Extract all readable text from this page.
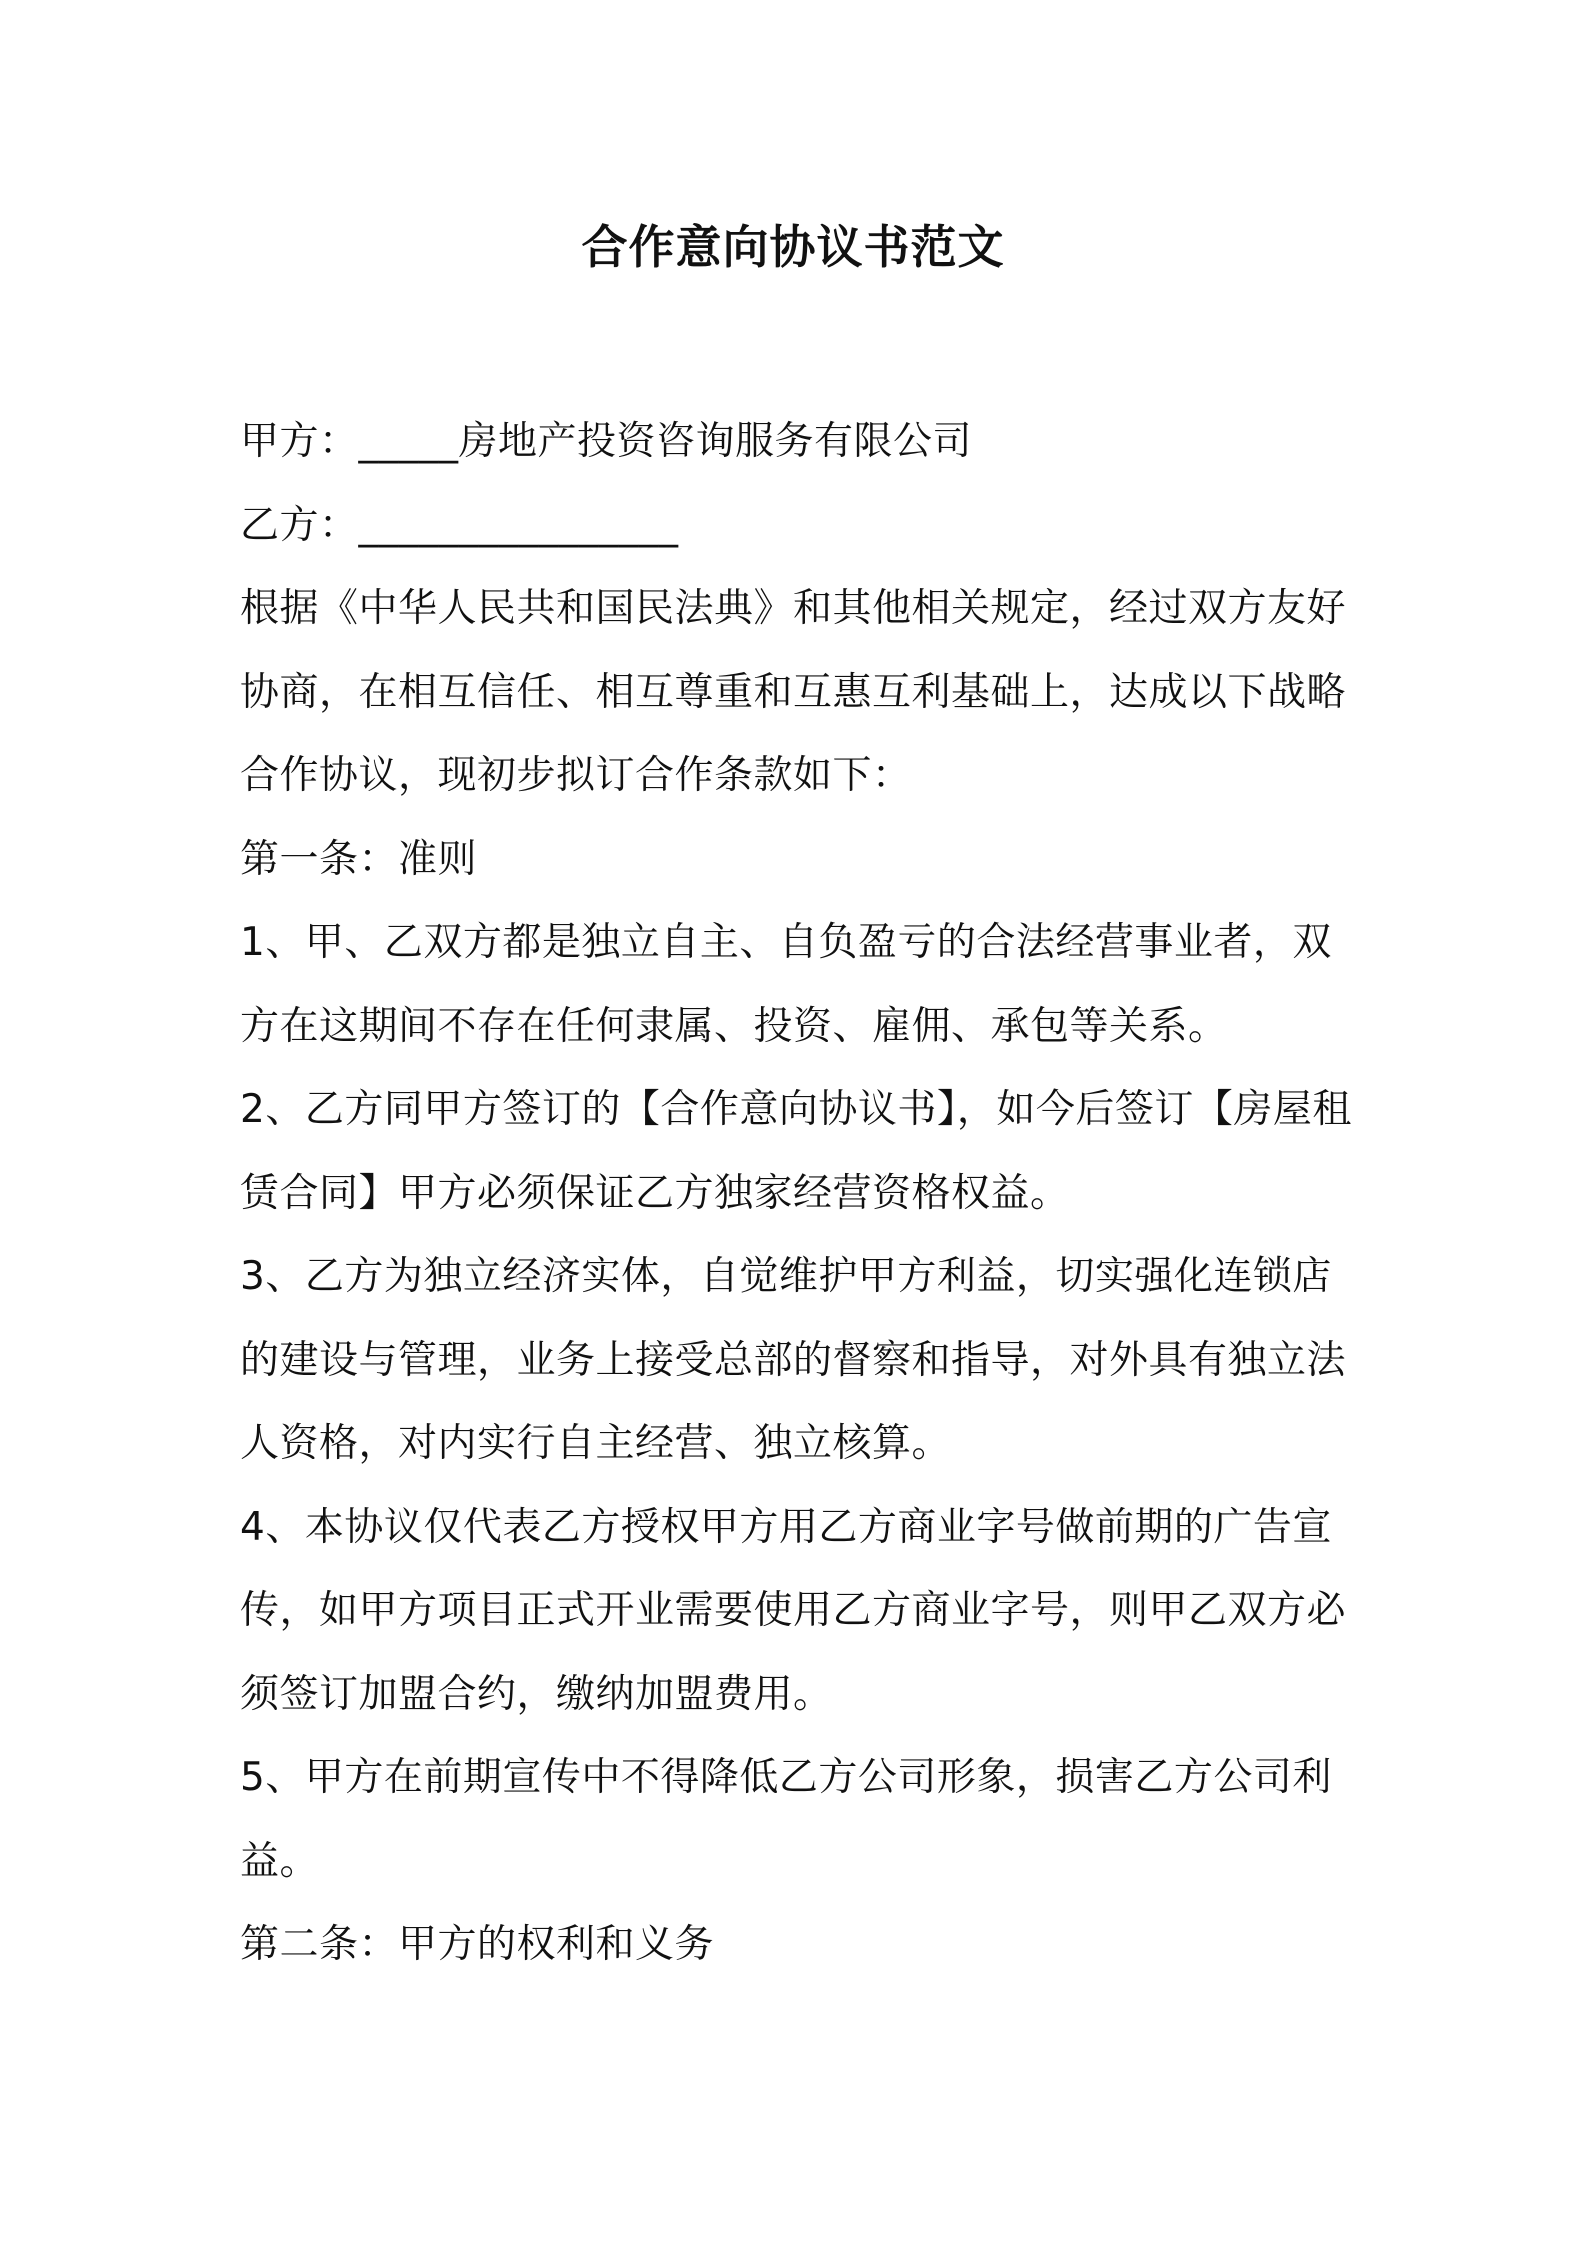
合作意向协议书范文

甲方：_____房地产投资咨询服务有限公司

乙方：________________

根据《中华人民共和国民法典》和其他相关规定，经过双方友好协商，在相互信任、相互尊重和互惠互利基础上，达成以下战略合作协议，现初步拟订合作条款如下：

第一条：准则

1、甲、乙双方都是独立自主、自负盈亏的合法经营事业者，双方在这期间不存在任何隶属、投资、雇佣、承包等关系。

2、乙方同甲方签订的【合作意向协议书】，如今后签订【房屋租赁合同】甲方必须保证乙方独家经营资格权益。

3、乙方为独立经济实体，自觉维护甲方利益，切实强化连锁店的建设与管理，业务上接受总部的督察和指导，对外具有独立法人资格，对内实行自主经营、独立核算。

4、本协议仅代表乙方授权甲方用乙方商业字号做前期的广告宣传，如甲方项目正式开业需要使用乙方商业字号，则甲乙双方必须签订加盟合约，缴纳加盟费用。

5、甲方在前期宣传中不得降低乙方公司形象，损害乙方公司利益。

第二条：甲方的权利和义务
